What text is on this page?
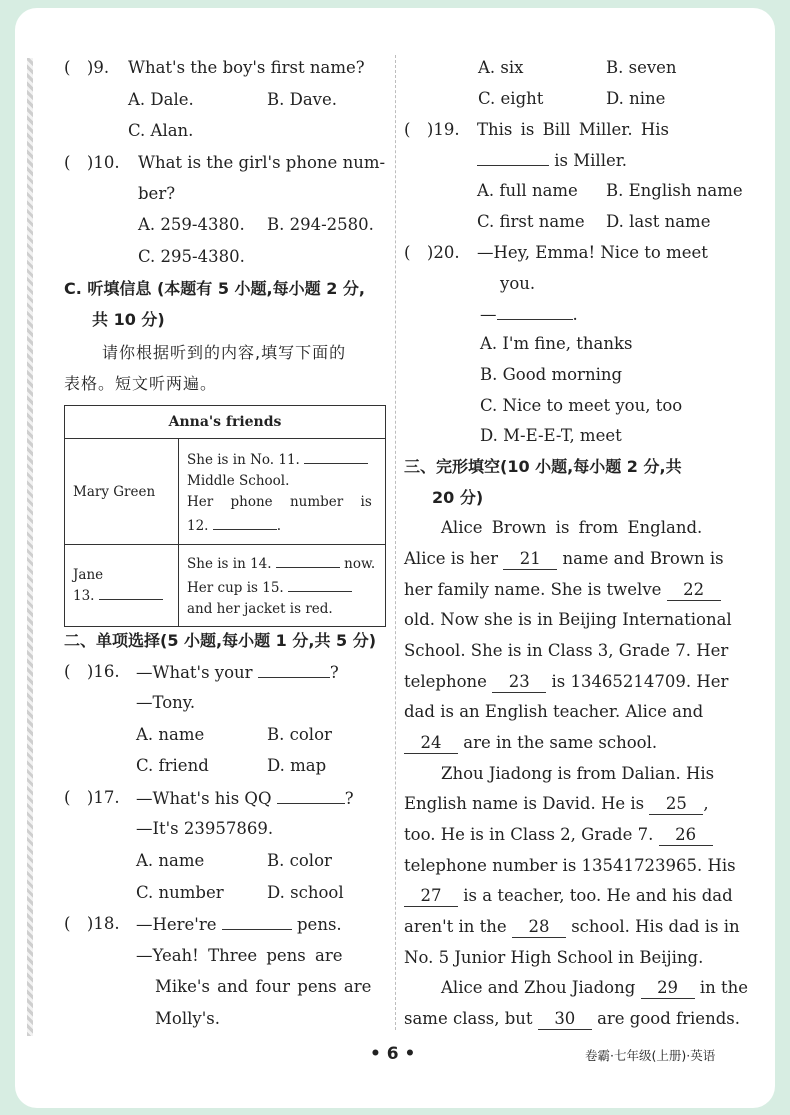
(　)9. What's the boy's first name?
A. Dale.	B. Dave.
C. Alan.
(　)10. What is the girl's phone num-
ber?
A. 259-4380. B. 294-2580.
C. 295-4380.
C. 听填信息 (本题有 5 小题,每小题 2 分,
共 10 分)
请你根据听到的内容,填写下面的
表格。短文听两遍。
Anna's friends	
Mary Green	She is in No. 11.
Middle School.
Her phone number is
12. .

Jane
13.	She is in 14. now.
Her cup is 15.
and her jacket is red.
二、单项选择(5 小题,每小题 1 分,共 5 分)
(　)16. —What's your	?
—Tony.
A. name	B. color
C. friend	D. map
(　)17. —What's his QQ	?
—It's 23957869.
A. name	B. color
C. number	D. school
(　)18. —Here're	pens.
—Yeah! Three pens are
Mike's and four pens are
Molly's.
A. six	B. seven
C. eight	D. nine
(　)19. This is Bill Miller. His
is Miller.
A. full name B. English name
C. first name D. last name
(　)20. —Hey, Emma! Nice to meet
you.
—	.
A. I'm fine, thanks
B. Good morning
C. Nice to meet you, too
D. M-E-E-T, meet
三、完形填空(10 小题,每小题 2 分,共
20 分)
Alice Brown is from England.
Alice is her 21 name and Brown is
her family name. She is twelve 22
old. Now she is in Beijing International
School. She is in Class 3, Grade 7. Her
telephone 23 is 13465214709. Her
dad is an English teacher. Alice and
24 are in the same school.
Zhou Jiadong is from Dalian. His
English name is David. He is 25 ,
too. He is in Class 2, Grade 7. 26
telephone number is 13541723965. His
27 is a teacher, too. He and his dad
aren't in the 28 school. His dad is in
No. 5 Junior High School in Beijing.
Alice and Zhou Jiadong 29 in the
same class, but 30 are good friends.
• 6 •	卷霸·七年级(上册)·英语
